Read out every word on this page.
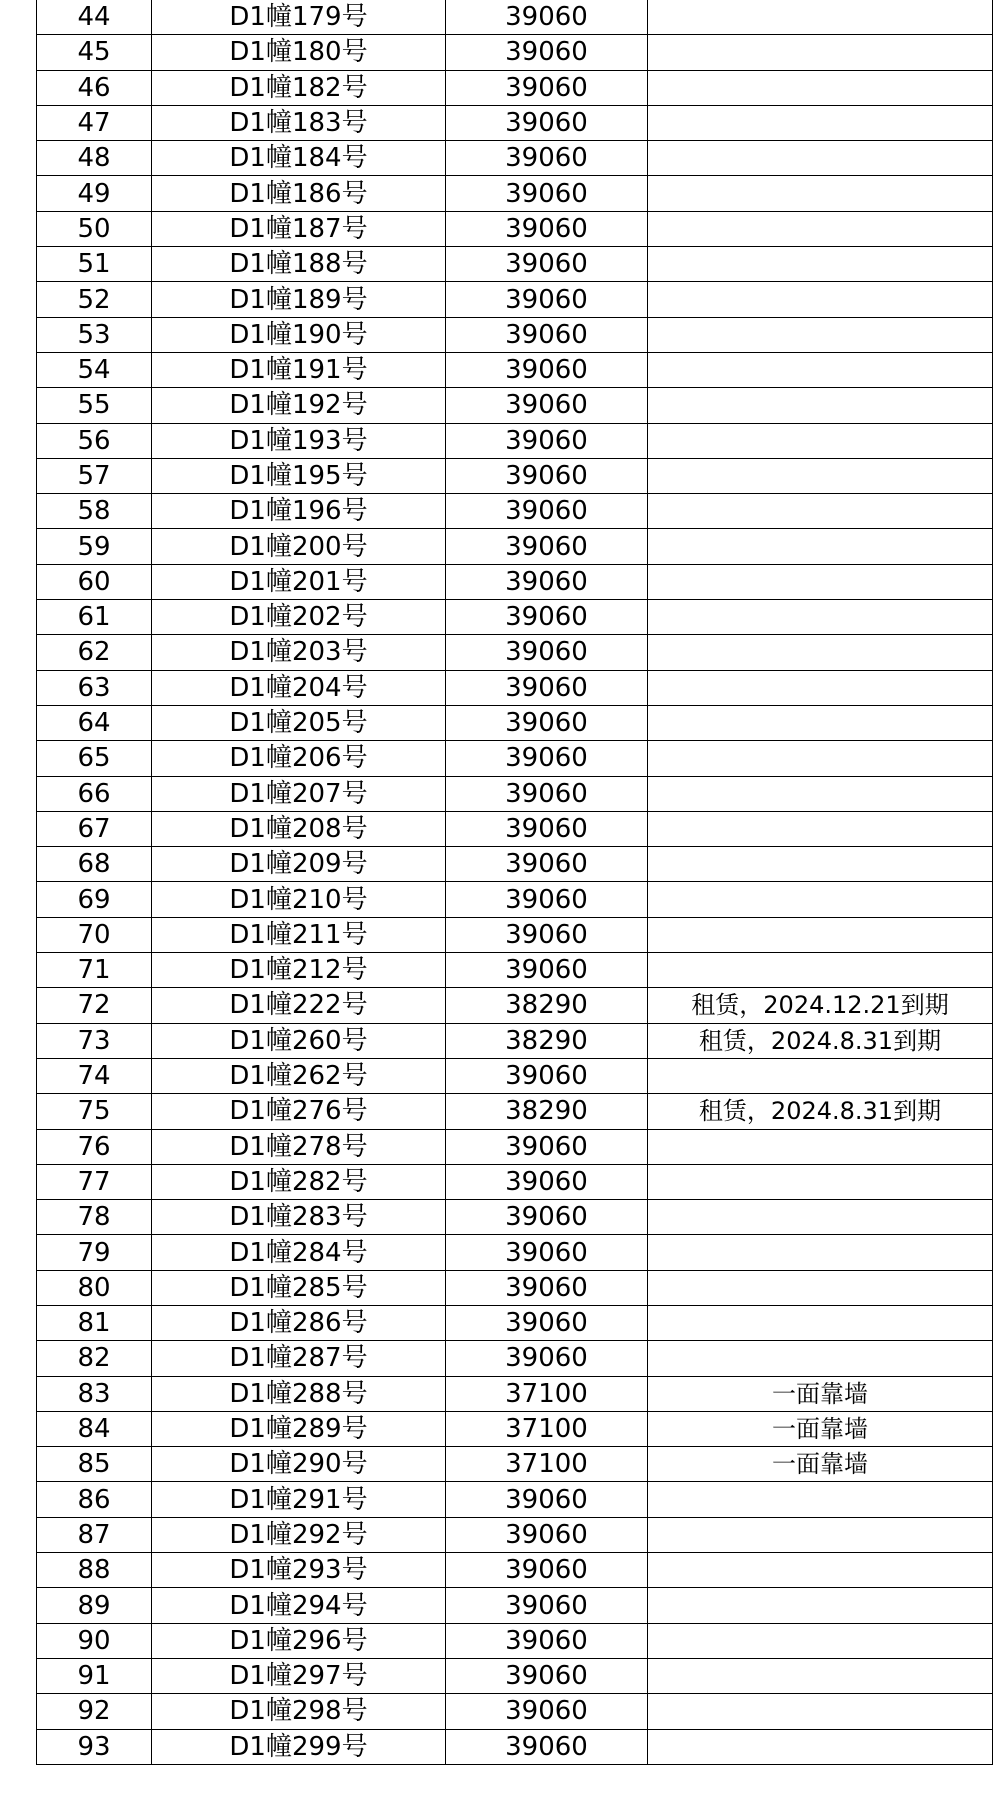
44	D1幢179号	39060	
45	D1幢180号	39060	
46	D1幢182号	39060	
47	D1幢183号	39060	
48	D1幢184号	39060	
49	D1幢186号	39060	
50	D1幢187号	39060	
51	D1幢188号	39060	
52	D1幢189号	39060	
53	D1幢190号	39060	
54	D1幢191号	39060	
55	D1幢192号	39060	
56	D1幢193号	39060	
57	D1幢195号	39060	
58	D1幢196号	39060	
59	D1幢200号	39060	
60	D1幢201号	39060	
61	D1幢202号	39060	
62	D1幢203号	39060	
63	D1幢204号	39060	
64	D1幢205号	39060	
65	D1幢206号	39060	
66	D1幢207号	39060	
67	D1幢208号	39060	
68	D1幢209号	39060	
69	D1幢210号	39060	
70	D1幢211号	39060	
71	D1幢212号	39060	
72	D1幢222号	38290	租赁，2024.12.21到期
73	D1幢260号	38290	租赁，2024.8.31到期
74	D1幢262号	39060	
75	D1幢276号	38290	租赁，2024.8.31到期
76	D1幢278号	39060	
77	D1幢282号	39060	
78	D1幢283号	39060	
79	D1幢284号	39060	
80	D1幢285号	39060	
81	D1幢286号	39060	
82	D1幢287号	39060	
83	D1幢288号	37100	一面靠墙
84	D1幢289号	37100	一面靠墙
85	D1幢290号	37100	一面靠墙
86	D1幢291号	39060	
87	D1幢292号	39060	
88	D1幢293号	39060	
89	D1幢294号	39060	
90	D1幢296号	39060	
91	D1幢297号	39060	
92	D1幢298号	39060	
93	D1幢299号	39060	
